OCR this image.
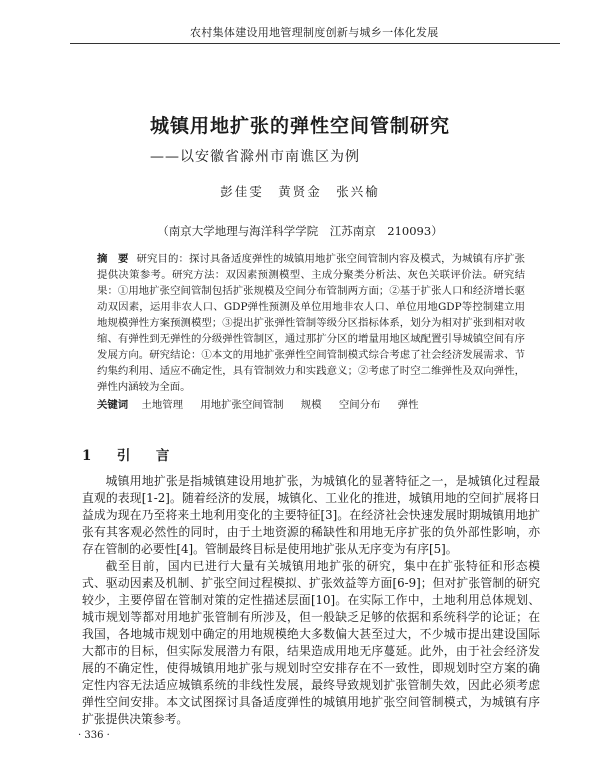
农村集体建设用地管理制度创新与城乡一体化发展
城镇用地扩张的弹性空间管制研究
——以安徽省滁州市南谯区为例
彭佳雯　黄贤金　张兴榆
（南京大学地理与海洋科学学院　江苏南京　210093）
摘　要 研究目的：探讨具备适度弹性的城镇用地扩张空间管制内容及模式，为城镇有序扩张提供决策参考。研究方法：双因素预测模型、主成分聚类分析法、灰色关联评价法。研究结果：①用地扩张空间管制包括扩张规模及空间分布管制两方面；②基于扩张人口和经济增长驱动双因素，运用非农人口、GDP弹性预测及单位用地非农人口、单位用地GDP等控制建立用地规模弹性方案预测模型；③提出扩张弹性管制等级分区指标体系，划分为相对扩张到相对收缩、有弹性到无弹性的分级弹性管制区，通过那扩分区的增量用地区域配置引导城镇空间有序发展方向。研究结论：①本文的用地扩张弹性空间管制模式综合考虑了社会经济发展需求、节约集约利用、适应不确定性，具有管制效力和实践意义；②考虑了时空二维弹性及双向弹性，弹性内涵较为全面。
关键词 土地管理 用地扩张空间管制 规模 空间分布 弹性
1　引　言

城镇用地扩张是指城镇建设用地扩张，为城镇化的显著特征之一，是城镇化过程最直观的表现[1-2]。随着经济的发展，城镇化、工业化的推进，城镇用地的空间扩展将日益成为现在乃至将来土地利用变化的主要特征[3]。在经济社会快速发展时期城镇用地扩张有其客观必然性的同时，由于土地资源的稀缺性和用地无序扩张的负外部性影响，亦存在管制的必要性[4]。管制最终目标是使用地扩张从无序变为有序[5]。

截至目前，国内已进行大量有关城镇用地扩张的研究，集中在扩张特征和形态模式、驱动因素及机制、扩张空间过程模拟、扩张效益等方面[6-9]；但对扩张管制的研究较少，主要停留在管制对策的定性描述层面[10]。在实际工作中，土地利用总体规划、城市规划等都对用地扩张管制有所涉及，但一般缺乏足够的依据和系统科学的论证；在我国，各地城市规划中确定的用地规模绝大多数偏大甚至过大，不少城市提出建设国际大都市的目标，但实际发展潜力有限，结果造成用地无序蔓延。此外，由于社会经济发展的不确定性，使得城镇用地扩张与规划时空安排存在不一致性，即规划时空方案的确定性内容无法适应城镇系统的非线性发展，最终导致规划扩张管制失效，因此必须考虑弹性空间安排。本文试图探讨具备适度弹性的城镇用地扩张空间管制模式，为城镇有序扩张提供决策参考。

· 336 ·
